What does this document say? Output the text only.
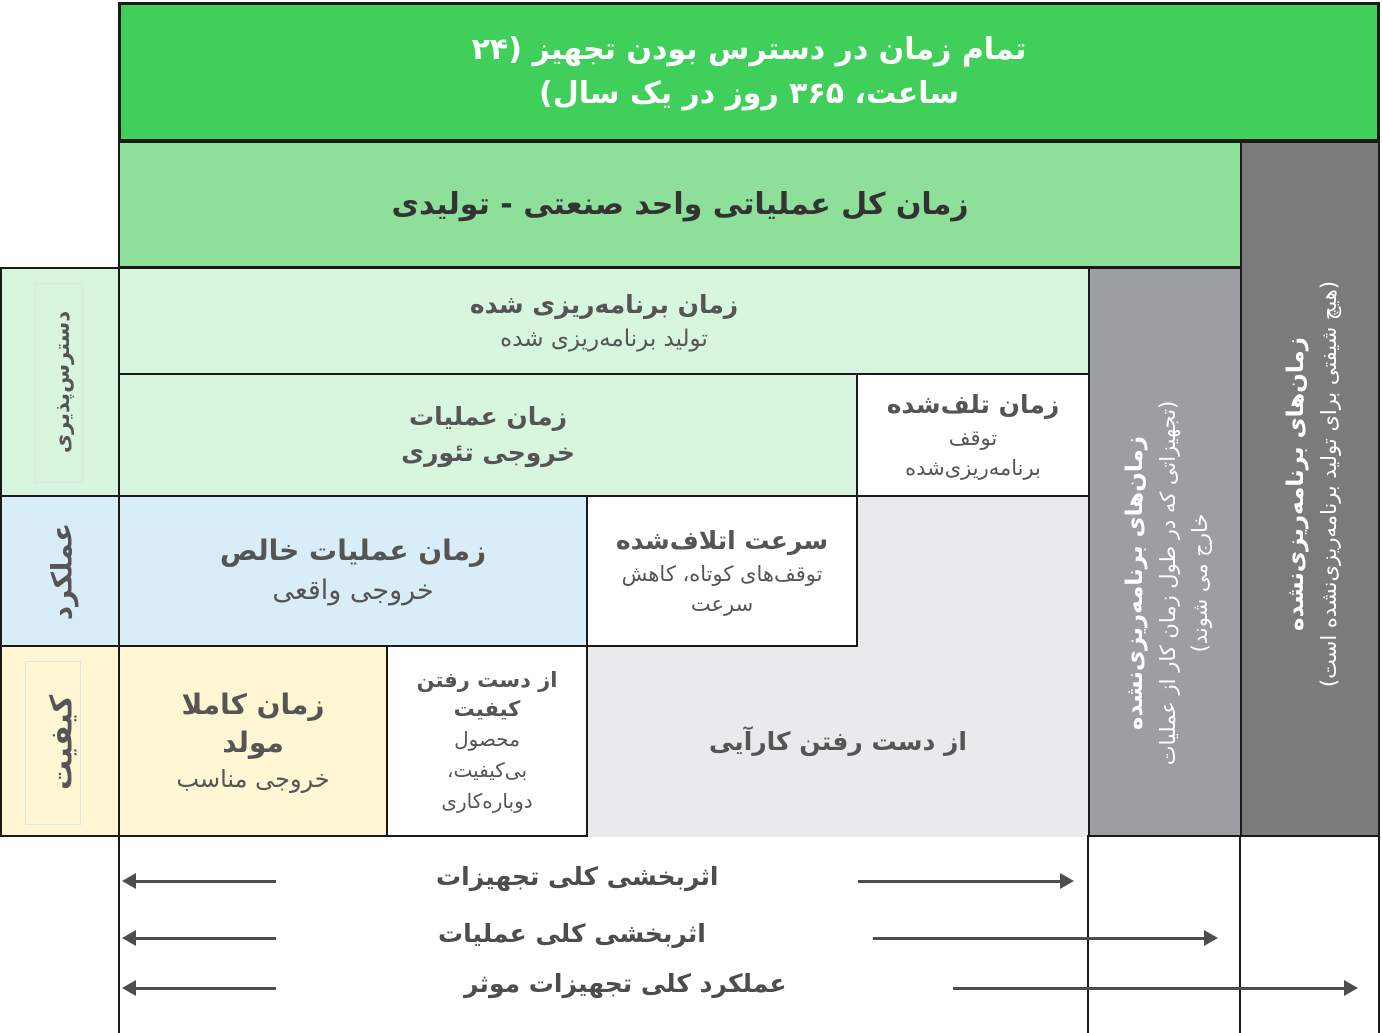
تمام زمان در دسترس بودن تجهیز (۲۴
ساعت، ۳۶۵ روز در یک سال)
زمان کل عملیاتی واحد صنعتی - تولیدی
دسترس‌پذیری
عملکرد
کیفیت
زمان برنامه‌ریزی شده
تولید برنامه‌ریزی شده
زمان عملیات
خروجی تئوری
زمان تلف‌شده
توقف
برنامه‌ریزی‌شده
زمان عملیات خالص
خروجی واقعی
سرعت اتلاف‌شده
توقف‌های کوتاه، کاهش
سرعت
زمان کاملا
مولد
خروجی مناسب
از دست رفتن
کیفیت
محصول
بی‌کیفیت،
دوباره‌کاری
از دست رفتن کارآیی
زمان‌های برنامه‌ریزی‌نشده (تجهیزاتی که در طول زمان کار از عملیات خارج می شوند)	زمان‌های برنامه‌ریزی‌نشده (هیچ شیفتی برای تولید برنامه‌ریزی‌نشده است)
اثربخشی کلی تجهیزات
اثربخشی کلی عملیات
عملکرد کلی تجهیزات موثر
